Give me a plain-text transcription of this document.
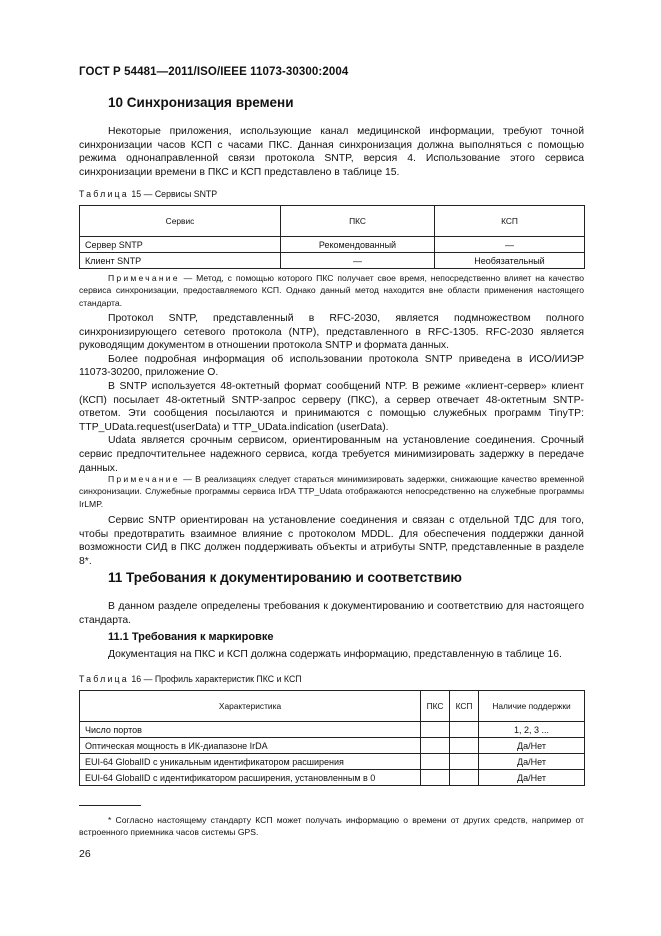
ГОСТ Р 54481—2011/ISO/IEEE 11073-30300:2004
10 Синхронизация времени
Некоторые приложения, использующие канал медицинской информации, требуют точной синхронизации часов КСП с часами ПКС. Данная синхронизация должна выполняться с помощью режима однонаправленной связи протокола SNTP, версия 4. Использование этого сервиса синхронизации времени в ПКС и КСП представлено в таблице 15.
Таблица 15 — Сервисы SNTP
Сервис	ПКС	КСП
Сервер SNTP	Рекомендованный	—
Клиент SNTP	—	Необязательный
Примечание — Метод, с помощью которого ПКС получает свое время, непосредственно влияет на качество сервиса синхронизации, предоставляемого КСП. Однако данный метод находится вне области применения настоящего стандарта.
Протокол SNTP, представленный в RFC-2030, является подмножеством полного синхронизирующего сетевого протокола (NTP), представленного в RFC-1305. RFC-2030 является руководящим документом в отношении протокола SNTP и формата данных.
Более подробная информация об использовании протокола SNTP приведена в ИСО/ИИЭР 11073-30200, приложение О.
В SNTP используется 48-октетный формат сообщений NTP. В режиме «клиент-сервер» клиент (КСП) посылает 48-октетный SNTP-запрос серверу (ПКС), а сервер отвечает 48-октетным SNTP-ответом. Эти сообщения посылаются и принимаются с помощью служебных программ TinyTP: TTP_UData.request(userData) и TTP_UData.indication (userData).
Udata является срочным сервисом, ориентированным на установление соединения. Срочный сервис предпочтительнее надежного сервиса, когда требуется минимизировать задержку в передаче данных.
Примечание — В реализациях следует стараться минимизировать задержки, снижающие качество временной синхронизации. Служебные программы сервиса IrDA TTP_Udata отображаются непосредственно на служебные программы IrLMP.
Сервис SNTP ориентирован на установление соединения и связан с отдельной ТДС для того, чтобы предотвратить взаимное влияние с протоколом MDDL. Для обеспечения поддержки данной возможности СИД в ПКС должен поддерживать объекты и атрибуты SNTP, представленные в разделе 8*.
11 Требования к документированию и соответствию
В данном разделе определены требования к документированию и соответствию для настоящего стандарта.
11.1 Требования к маркировке
Документация на ПКС и КСП должна содержать информацию, представленную в таблице 16.
Таблица 16 — Профиль характеристик ПКС и КСП
Характеристика	ПКС	КСП	Наличие поддержки
Число портов			1, 2, 3 ...
Оптическая мощность в ИК-диапазоне IrDA			Да/Нет
EUI-64 GlobalID с уникальным идентификатором расширения			Да/Нет
EUI-64 GlobalID с идентификатором расширения, установленным в 0			Да/Нет
* Согласно настоящему стандарту КСП может получать информацию о времени от других средств, например от встроенного приемника часов системы GPS.
26
